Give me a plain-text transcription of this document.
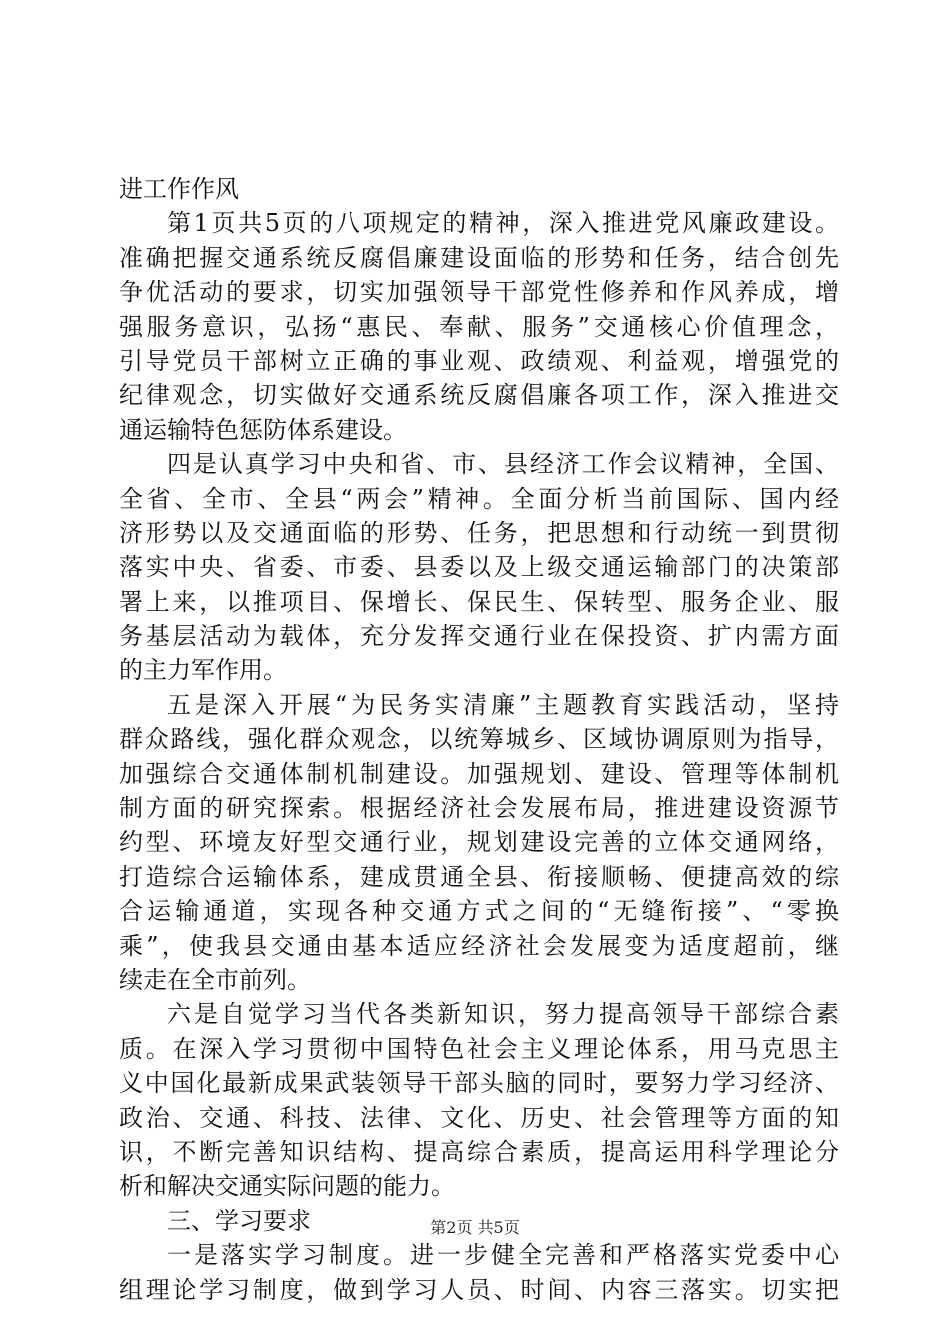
进工作作风
第1页共5页的八项规定的精神，深入推进党风廉政建设。
准确把握交通系统反腐倡廉建设面临的形势和任务，结合创先
争优活动的要求，切实加强领导干部党性修养和作风养成，增
强服务意识，弘扬“惠民、奉献、服务”交通核心价值理念，
引导党员干部树立正确的事业观、政绩观、利益观，增强党的
纪律观念，切实做好交通系统反腐倡廉各项工作，深入推进交
通运输特色惩防体系建设。
四是认真学习中央和省、市、县经济工作会议精神，全国、
全省、全市、全县“两会”精神。全面分析当前国际、国内经
济形势以及交通面临的形势、任务，把思想和行动统一到贯彻
落实中央、省委、市委、县委以及上级交通运输部门的决策部
署上来，以推项目、保增长、保民生、保转型、服务企业、服
务基层活动为载体，充分发挥交通行业在保投资、扩内需方面
的主力军作用。
五是深入开展“为民务实清廉”主题教育实践活动，坚持
群众路线，强化群众观念，以统筹城乡、区域协调原则为指导，
加强综合交通体制机制建设。加强规划、建设、管理等体制机
制方面的研究探索。根据经济社会发展布局，推进建设资源节
约型、环境友好型交通行业，规划建设完善的立体交通网络，
打造综合运输体系，建成贯通全县、衔接顺畅、便捷高效的综
合运输通道，实现各种交通方式之间的“无缝衔接”、“零换
乘”，使我县交通由基本适应经济社会发展变为适度超前，继
续走在全市前列。
六是自觉学习当代各类新知识，努力提高领导干部综合素
质。在深入学习贯彻中国特色社会主义理论体系，用马克思主
义中国化最新成果武装领导干部头脑的同时，要努力学习经济、
政治、交通、科技、法律、文化、历史、社会管理等方面的知
识，不断完善知识结构、提高综合素质，提高运用科学理论分
析和解决交通实际问题的能力。
三、学习要求
一是落实学习制度。进一步健全完善和严格落实党委中心
组理论学习制度，做到学习人员、时间、内容三落实。切实把
第2页 共5页
